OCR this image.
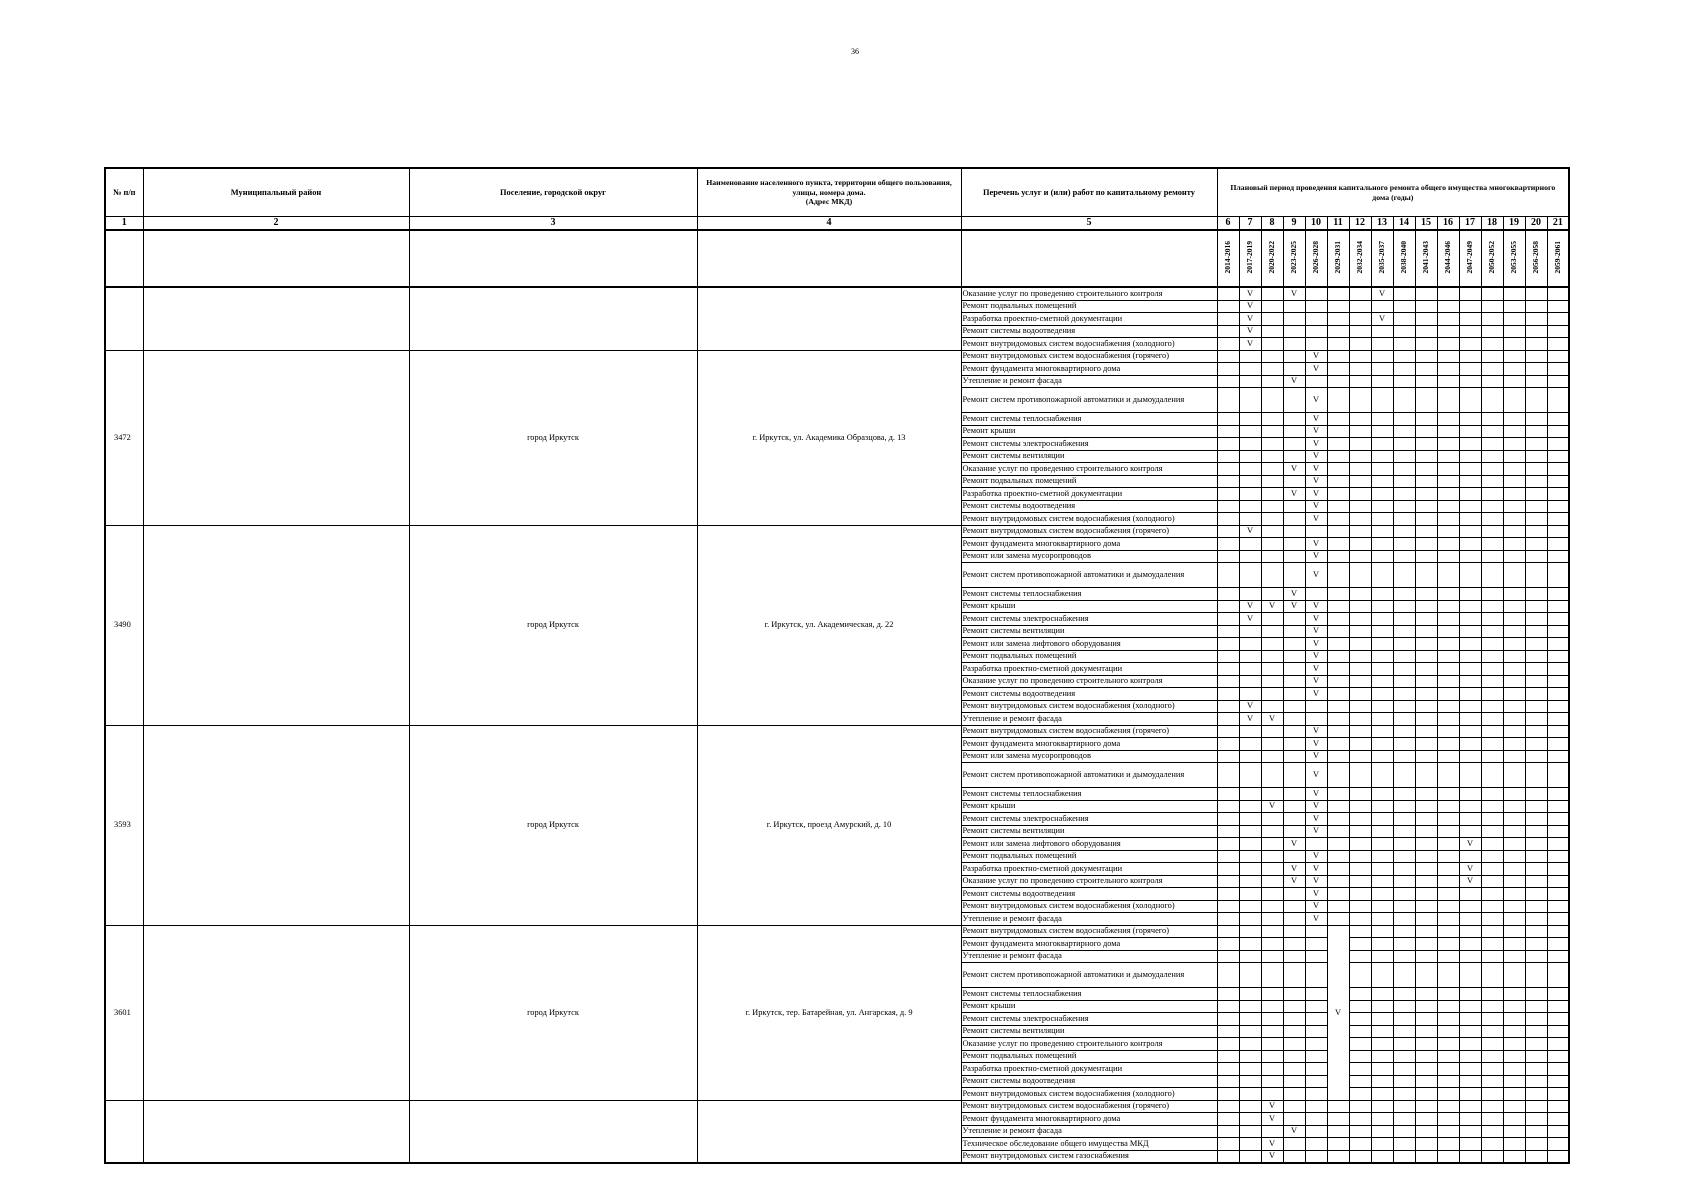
36
№ п/п	Муниципальный район	Поселение, городской округ	Наименование населенного пункта, территории общего пользования, улицы, номера дома.
(Адрес МКД)	Перечень услуг и (или) работ по капитальному ремонту	Плановый период проведения капитального ремонта общего имущества многоквартирного дома (годы)															
1	2	3	4	5	6	7	8	9	10	11	12	13	14	15	16	17	18	19	20	21
					2014-2016	2017-2019	2020-2022	2023-2025	2026-2028	2029-2031	2032-2034	2035-2037	2038-2040	2041-2043	2044-2046	2047-2049	2050-2052	2053-2055	2056-2058	2059-2061
				Оказание услуг по проведению строительного контроля		V		V				V								
				Ремонт подвальных помещений		V														
				Разработка проектно-сметной документации		V						V								
				Ремонт системы водоотведения		V														
				Ремонт внутридомовых систем водоснабжения (холодного)		V														
3472		город Иркутск	г. Иркутск, ул. Академика Образцова, д. 13	Ремонт внутридомовых систем водоснабжения (горячего)					V											
				Ремонт фундамента многоквартирного дома					V											
				Утепление и ремонт фасада				V												
				Ремонт систем противопожарной автоматики и дымоудаления					V											
				Ремонт системы теплоснабжения					V											
				Ремонт крыши					V											
				Ремонт системы электроснабжения					V											
				Ремонт системы вентиляции					V											
				Оказание услуг по проведению строительного контроля				V	V											
				Ремонт подвальных помещений					V											
				Разработка проектно-сметной документации				V	V											
				Ремонт системы водоотведения					V											
				Ремонт внутридомовых систем водоснабжения (холодного)					V											
3490		город Иркутск	г. Иркутск, ул. Академическая, д. 22	Ремонт внутридомовых систем водоснабжения (горячего)		V														
				Ремонт фундамента многоквартирного дома					V											
				Ремонт или замена мусоропроводов					V											
				Ремонт систем противопожарной автоматики и дымоудаления					V											
				Ремонт системы теплоснабжения				V												
				Ремонт крыши		V	V	V	V											
				Ремонт системы электроснабжения		V			V											
				Ремонт системы вентиляции					V											
				Ремонт или замена лифтового оборудования					V											
				Ремонт подвальных помещений					V											
				Разработка проектно-сметной документации					V											
				Оказание услуг по проведению строительного контроля					V											
				Ремонт системы водоотведения					V											
				Ремонт внутридомовых систем водоснабжения (холодного)		V														
				Утепление и ремонт фасада		V	V													
3593		город Иркутск	г. Иркутск, проезд Амурский, д. 10	Ремонт внутридомовых систем водоснабжения (горячего)					V											
				Ремонт фундамента многоквартирного дома					V											
				Ремонт или замена мусоропроводов					V											
				Ремонт систем противопожарной автоматики и дымоудаления					V											
				Ремонт системы теплоснабжения					V											
				Ремонт крыши			V		V											
				Ремонт системы электроснабжения					V											
				Ремонт системы вентиляции					V											
				Ремонт или замена лифтового оборудования				V								V				
				Ремонт подвальных помещений					V											
				Разработка проектно-сметной документации				V	V							V				
				Оказание услуг по проведению строительного контроля				V	V							V				
				Ремонт системы водоотведения					V											
				Ремонт внутридомовых систем водоснабжения (холодного)					V											
				Утепление и ремонт фасада					V											
3601		город Иркутск	г. Иркутск, тер. Батарейная, ул. Ангарская, д. 9	Ремонт внутридомовых систем водоснабжения (горячего)						V										
				Ремонт фундамента многоквартирного дома																
				Утепление и ремонт фасада																
				Ремонт систем противопожарной автоматики и дымоудаления																
				Ремонт системы теплоснабжения																
				Ремонт крыши																
				Ремонт системы электроснабжения																
				Ремонт системы вентиляции																
				Оказание услуг по проведению строительного контроля																
				Ремонт подвальных помещений																
				Разработка проектно-сметной документации																
				Ремонт системы водоотведения																
				Ремонт внутридомовых систем водоснабжения (холодного)																
				Ремонт внутридомовых систем водоснабжения (горячего)			V													
				Ремонт фундамента многоквартирного дома			V													
				Утепление и ремонт фасада				V												
				Техническое обследование общего имущества МКД			V													
				Ремонт внутридомовых систем газоснабжения			V													
